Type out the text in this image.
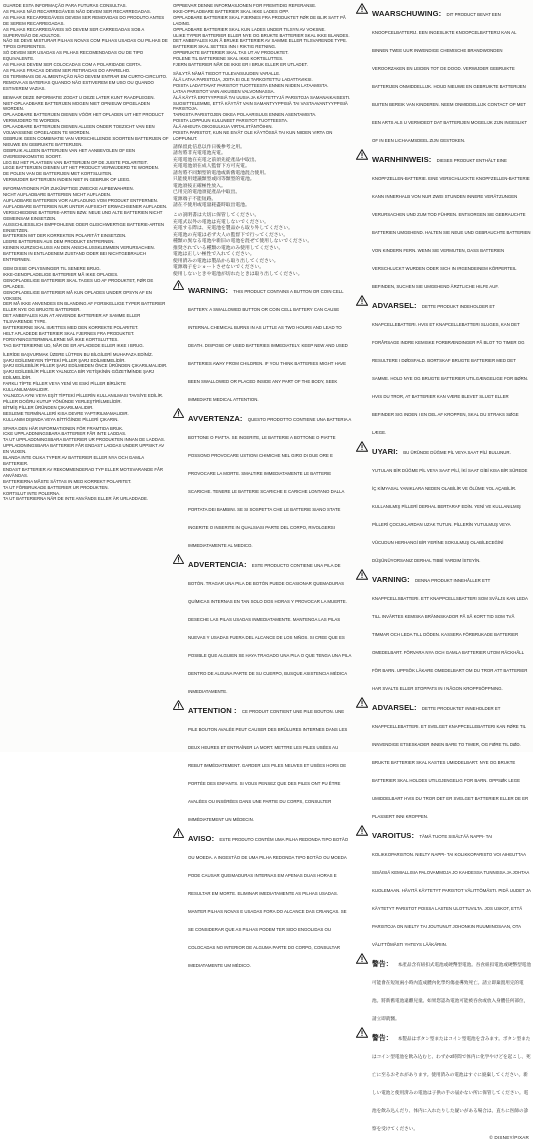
GUARDE ESTA INFORMAÇÃO PARA FUTURAS CONSULTAS.
AS PILHAS NÃO RECARREGÁVEIS NÃO DEVEM SER RECARREGADAS.
AS PILHAS RECARREGÁVEIS DEVEM SER REMOVIDAS DO PRODUTO ANTES DE SEREM RECARREGADAS.
AS PILHAS RECARREGÁVEIS SÓ DEVEM SER CARREGADAS SOB A SUPERVISÃO DE ADULTOS.
NÃO SE DEVE MISTURAR PILHAS NOVAS COM PILHAS USADAS OU PILHAS DE TIPOS DIFERENTES.
SÓ DEVEM SER USADAS AS PILHAS RECOMENDADAS OU DE TIPO EQUIVALENTE.
AS PILHAS DEVEM SER COLOCADAS COM A POLARIDADE CERTA.
AS PILHAS FRACAS DEVEM SER RETIRADAS DO APARELHO.
OS TERMINAIS DE ALIMENTAÇÃO NÃO DEVEM ENTRAR EM CURTO-CIRCUITO.
REMOVA AS BATERIAS QUANDO NÃO ESTIVEREM EM USO OU QUANDO ESTIVEREM VAZIAS.
BEWAAR DEZE INFORMATIE ZODAT U DEZE LATER KUNT RAADPLEGEN.
NIET-OPLAADBARE BATTERIJEN MOGEN NIET OPNIEUW OPGELADEN WORDEN.
OPLAADBARE BATTERIJEN DIENEN VÓÓR HET OPLADEN UIT HET PRODUCT VERWIJDERD TE WORDEN.
OPLAADBARE BATTERIJEN DIENEN ALLEEN ONDER TOEZICHT VAN EEN VOLWASSENE OPGELADEN TE WORDEN.
GEBRUIK GEEN COMBINATIE VAN VERSCHILLENDE SOORTEN BATTERIJEN OF NIEUWE EN GEBRUIKTE BATTERIJEN.
GEBRUIK ALLEEN BATTERIJEN VAN HET AANBEVOLEN OF EEN OVEREENKOMSTIG SOORT.
LEG BIJ HET PLAATSEN VAN BATTERIJEN OP DE JUISTE POLARITEIT.
LEGE BATTERIJEN DIENEN UIT HET PRODUCT VERWIJDERD TE WORDEN.
DE POLEN VAN DE BATTERIJEN MET KORTSLUITEN.
VERWIJDER BATTERIJEN INDIEN NIET IN GEBRUIK OF LEEG.
INFORMATIONEN FÜR ZUKÜNFTIGE ZWECKE AUFBEWAHREN.
NICHT AUFLADBARE BATTERIEN NICHT AUFLADEN.
AUFLADBARE BATTERIEN VOR AUFLADUNG VOM PRODUKT ENTFERNEN.
AUFLADBARE BATTERIEN NUR UNTER AUFSICHT ERWACHSENER AUFLADEN.
VERSCHIEDENE BATTERIE-ARTEN BZW. NEUE UND ALTE BATTERIEN NICHT GEMEINSAM EINSETZEN.
AUSSCHLIESSLICH EMPFOHLENE ODER GLEICHWERTIGE BATTERIE-ARTEN EINSETZEN.
BATTERIEN MIT DER KORREKTEN POLARITÄT EINSETZEN.
LEERE BATTERIEN AUS DEM PRODUKT ENTFERNEN.
KEINEN KURZSCHLUSS AN DEN ANSCHLUSSKLEMMEN VERURSACHEN.
BATTERIEN IN ENTLADENEM ZUSTAND ODER BEI NICHTGEBRAUCH ENTFERNEN.
GEM DISSE OPLYSNINGER TIL SENERE BRUG.
IKKE-GENOPLADELIGE BATTERIER MÅ IKKE OPLADES.
GENOPLADELIGE BATTERIER SKAL TAGES UD AF PRODUKTET, FØR DE OPLADES.
GENOPLADELIGE BATTERIER MÅ KUN OPLADES UNDER OPSYN AF EN VOKSEN.
DER MÅ IKKE ANVENDES EN BLANDING AF FORSKELLIGE TYPER BATTERIER ELLER NYE OG BRUGTE BATTERIER.
DET ANBEFALES KUN AT ANVENDE BATTERIER AF SAMME ELLER TILSVARENDE TYPE.
BATTERIERNE SKAL ISÆTTES MED DEN KORREKTE POLARITET.
HELT AFLADEDE BATTERIER SKAL FJERNES FRA PRODUKTET.
FORSYNINGSTERMINALERNE MÅ IKKE KORTSLUTTES.
TAG BATTERIERNE UD, NÅR DE ER AFLADEDE ELLER IKKE I BRUG.
İLERİDE BAŞVURMAK ÜZERE LÜTFEN BU BİLGİLERİ MUHAFAZA EDİNİZ.
ŞARJ EDİLEMEYEN TİPTEKİ PİLLER ŞARJ EDİLMEMELİDİR.
ŞARJ EDİLEBİLİR PİLLER ŞARJ EDİLMEDEN ÖNCE ÜRÜNDEN ÇIKARILMALIDIR.
ŞARJ EDİLEBİLİR PİLLER YALNIZCA BİR YETİŞKİNİN GÖZETİMİNDE ŞARJ EDİLMELİDİR.
FARKLI TİPTE PİLLER VEYA YENİ VE ESKİ PİLLER BİRLİKTE KULLANILMAMALIDIR.
YALNIZCA AYNI VEYA EŞİT TİPTEKİ PİLLERİN KULLANILMASI TAVSİYE EDİLİR.
PİLLER DOĞRU KUTUP YÖNÜNDE YERLEŞTİRİLMELİDİR.
BİTMİŞ PİLLER ÜRÜNDEN ÇIKARILMALIDIR.
BESLEME TERMİNALLERİ KISA DEVRE YAPTIRILMAMALIDIR.
KULLANIM DIŞINDA VEYA BİTTİĞİNDE PİLLERİ ÇIKARIN.
SPARA DEN HÄR INFORMATIONEN FÖR FRAMTIDA BRUK.
ICKE UPPLADDNINGSBARA BATTERIER FÅR INTE LADDAS.
TA UT UPPLADDNINGSBARA BATTERIER UR PRODUKTEN INNAN DE LADDAS.
UPPLADDNINGSBARA BATTERIER FÅR ENDAST LADDAS UNDER UPPSIKT AV EN VUXEN.
BLANDA INTE OLIKA TYPER AV BATTERIER ELLER NYA OCH GAMLA BATTERIER.
ENDAST BATTERIER AV REKOMMENDERAD TYP ELLER MOTSVARANDE FÅR ANVÄNDAS.
BATTERIERNA MÅSTE SÄTTAS IN MED KORREKT POLARITET.
TA UT FÖRBRUKADE BATTERIER UR PRODUKTEN.
KORTSLUT INTE POLERNA.
TA UT BATTERIERNA NÄR DE INTE ANVÄNDS ELLER ÄR URLADDADE.
OPPBEVAR DENNE INFORMASJONEN FOR FREMTIDIG REFERANSE.
IKKE-OPPLADBARE BATTERIER SKAL IKKE LADES OPP.
OPPLADBARE BATTERIER SKAL FJERNES FRA PRODUKTET FØR DE BLIR SATT PÅ LADING.
OPPLADBARE BATTERIER SKAL KUN LADES UNDER TILSYN AV VOKSNE.
ULIKE TYPER BATTERIER ELLER NYE OG BRUKTE BATTERIER SKAL IKKE BLANDES.
DET ANBEFALES KUN Å BRUKE BATTERIER AV SAMME ELLER TILSVARENDE TYPE.
BATTERIER SKAL SETTES INN I RIKTIG RETNING.
OPPBRUKTE BATTERIER SKAL TAS UT AV PRODUKTET.
POLENE TIL BATTERIENE SKAL IKKE KORTSLUTTES.
FJERN BATTERIER NÅR DE IKKE ER I BRUK ELLER ER UTLADET.
SÄILYTÄ NÄMÄ TIEDOT TULEVAISUUDEN VARALLE.
ÄLÄ LATAA PARISTOJA, JOITA EI OLE TARKOITETTU LADATTAVIKSI.
POISTA LADATTAVAT PARISTOT TUOTTEESTA ENNEN NIIDEN LATAAMISTA.
LATAA PARISTOT VAIN AIKUISEN VALVONNASSA.
ÄLÄ KÄYTÄ ERITYYPPISIÄ TAI UUSIA JA KÄYTETTYJÄ PARISTOJA SAMANAIKAISESTI.
SUOSITTELEMME, ETTÄ KÄYTÄT VAIN SAMANTYYPPISIÄ TAI VASTAAVANTYYPPISIÄ PARISTOJA.
TARKISTA PARISTOJEN OIKEA POLAARISUUS ENNEN ASENTAMISTA.
POISTA LOPPUUN KULUNEET PARISTOT TUOTTEESTA.
ÄLÄ AIHEUTA OIKOSULKUA VIRTALIITÄNTÖIHIN.
POISTA PARISTOT, KUN NE EIVÄT OLE KÄYTÖSSÄ TAI KUN NIIDEN VIRTA ON LOPPUNUT.
請保留此信息以作日後參考之用。
請勿將非充電電池充電。
充電電池在充電之前須先從產品中取出。
充電電池須在成人監督下方可充電。
請勿將不同類型的電池或新舊電池混合使用。
只能使用建議類型或同等類型的電池。
電池須按正確極性放入。
已用完的電池須從產品中取出。
電源端子不能短路。
請在不使用或電量耗盡時取出電池。
この説明書は大切に保管してください。
充電式以外の電池は充電しないでください。
充電する際は、充電池を製品から取り外してください。
充電池の充電は必ず大人の監督下で行ってください。
種類の異なる電池や新旧の電池を混ぜて使用しないでください。
推奨されている種類の電池のみ使用してください。
電池は正しい極性で入れてください。
使用済みの電池は製品から取り出してください。
電源端子をショートさせないでください。
使用しないときや電池が切れたときは取り出してください。
WARNING: THIS PRODUCT CONTAINS A BUTTON OR COIN CELL BATTERY. A SWALLOWED BUTTON OR COIN CELL BATTERY CAN CAUSE INTERNAL CHEMICAL BURNS IN AS LITTLE AS TWO HOURS AND LEAD TO DEATH. DISPOSE OF USED BATTERIES IMMEDIATELY. KEEP NEW AND USED BATTERIES AWAY FROM CHILDREN. IF YOU THINK BATTERIES MIGHT HAVE BEEN SWALLOWED OR PLACED INSIDE ANY PART OF THE BODY, SEEK IMMEDIATE MEDICAL ATTENTION.
AVVERTENZA: QUESTO PRODOTTO CONTIENE UNA BATTERIA A BOTTONE O PIATTA. SE INGERITE, LE BATTERIE A BOTTONE O PIATTE POSSONO PROVOCARE USTIONI CHIMICHE NEL GIRO DI DUE ORE E PROVOCARE LA MORTE. SMALTIRE IMMEDIATAMENTE LE BATTERIE SCARICHE. TENERE LE BATTERIE SCARICHE E CARICHE LONTANO DALLA PORTATA DEI BAMBINI. SE SI SOSPETTA CHE LE BATTERIE SIANO STATE INGERITE O INSERITE IN QUALSIASI PARTE DEL CORPO, RIVOLGERSI IMMEDIATAMENTE AL MEDICO.
ADVERTENCIA: ESTE PRODUCTO CONTIENE UNA PILA DE BOTÓN. TRAGAR UNA PILA DE BOTÓN PUEDE OCASIONAR QUEMADURAS QUÍMICAS INTERNAS EN TAN SOLO DOS HORAS Y PROVOCAR LA MUERTE. DESECHE LAS PILAS USADAS INMEDIATAMENTE. MANTENGA LAS PILAS NUEVAS Y USADAS FUERA DEL ALCANCE DE LOS NIÑOS. SI CREE QUE ES POSIBLE QUE ALGUIEN SE HAYA TRAGADO UNA PILA O QUE TENGA UNA PILA DENTRO DE ALGUNA PARTE DE SU CUERPO, BUSQUE ASISTENCIA MÉDICA INMEDIATAMENTE.
ATTENTION : CE PRODUIT CONTIENT UNE PILE BOUTON. UNE PILE BOUTON AVALÉE PEUT CAUSER DES BRÛLURES INTERNES DANS LES DEUX HEURES ET ENTRAÎNER LA MORT. METTRE LES PILES USÉES AU REBUT IMMÉDIATEMENT. GARDER LES PILES NEUVES ET USÉES HORS DE PORTÉE DES ENFANTS. SI VOUS PENSEZ QUE DES PILES ONT PU ÊTRE AVALÉES OU INSÉRÉES DANS UNE PARTIE DU CORPS, CONSULTER IMMÉDIATEMENT UN MÉDECIN.
AVISO: ESTE PRODUTO CONTÉM UMA PILHA REDONDA TIPO BOTÃO OU MOEDA. A INGESTÃO DE UMA PILHA REDONDA TIPO BOTÃO OU MOEDA PODE CAUSAR QUEIMADURAS INTERNAS EM APENAS DUAS HORAS E RESULTAR EM MORTE. ELIMINAR IMEDIATAMENTE AS PILHAS USADAS. MANTER PILHAS NOVAS E USADAS FORA DO ALCANCE DAS CRIANÇAS. SE SE CONSIDERAR QUE AS PILHAS PODEM TER SIDO ENGOLIDAS OU COLOCADAS NO INTERIOR DE ALGUMA PARTE DO CORPO, CONSULTAR IMEDIATAMENTE UM MÉDICO.
WAARSCHUWING: DIT PRODUCT BEVAT EEN KNOOPCELBATTERIJ. EEN INGESLIKTE KNOOPCELBATTERIJ KAN AL BINNEN TWEE UUR INWENDIGE CHEMISCHE BRANDWONDEN VEROORZAKEN EN LEIDEN TOT DE DOOD. VERWIJDER GEBRUIKTE BATTERIJEN ONMIDDELLIJK. HOUD NIEUWE EN GEBRUIKTE BATTERIJEN BUITEN BEREIK VAN KINDEREN. NEEM ONMIDDELLIJK CONTACT OP MET EEN ARTS ALS U VERMOEDT DAT BATTERIJEN MOGELIJK ZIJN INGESLIKT OF IN EEN LICHAAMSDEEL ZIJN GESTOKEN.
WARNHINWEIS: DIESES PRODUKT ENTHÄLT EINE KNOPFZELLEN-BATTERIE. EINE VERSCHLUCKTE KNOPFZELLEN-BATTERIE KANN INNERHALB VON NUR ZWEI STUNDEN INNERE VERÄTZUNGEN VERURSACHEN UND ZUM TOD FÜHREN. ENTSORGEN SIE GEBRAUCHTE BATTERIEN UMGEHEND. HALTEN SIE NEUE UND GEBRAUCHTE BATTERIEN VON KINDERN FERN. WENN SIE VERMUTEN, DASS BATTERIEN VERSCHLUCKT WURDEN ODER SICH IN IRGENDEINEM KÖRPERTEIL BEFINDEN, SUCHEN SIE UMGEHEND ÄRZTLICHE HILFE AUF.
ADVARSEL: DETTE PRODUKT INDEHOLDER ET KNAPCELLEBATTERI. HVIS ET KNAPCELLEBATTERI SLUGES, KAN DET FORÅRSAGE INDRE KEMISKE FORBRÆNDINGER PÅ BLOT TO TIMER OG RESULTERE I DØDSFALD. BORTSKAF BRUGTE BATTERIER MED DET SAMME. HOLD NYE OG BRUGTE BATTERIER UTILGÆNGELIGE FOR BØRN. HVIS DU TROR, AT BATTERIER KAN VÆRE BLEVET SLUGT ELLER BEFINDER SIG INDEN I EN DEL AF KROPPEN, SKAL DU STRAKS SØGE LÆGE.
UYARI: BU ÜRÜNDE DÜĞME PİL VEYA SAAT PİLİ BULUNUR. YUTULAN BİR DÜĞME PİL VEYA SAAT PİLİ, İKİ SAAT GİBİ KISA BİR SÜREDE İÇ KİMYASAL YANIKLARA NEDEN OLABİLİR VE ÖLÜME YOL AÇABİLİR. KULLANILMIŞ PİLLERİ DERHAL BERTARAF EDİN. YENİ VE KULLANILMIŞ PİLLERİ ÇOCUKLARDAN UZAK TUTUN. PİLLERİN YUTULMUŞ VEYA VÜCUDUN HERHANGİ BİR YERİNE SOKULMUŞ OLABİLECEĞİNİ DÜŞÜNÜYORSANIZ DERHAL TIBBİ YARDIM İSTEYİN.
VARNING: DENNA PRODUKT INNEHÅLLER ETT KNAPPCELLSBATTERI. ETT KNAPPCELLSBATTERI SOM SVÄLJS KAN LEDA TILL INVÄRTES KEMISKA BRÄNNSKADOR PÅ SÅ KORT TID SOM TVÅ TIMMAR OCH LEDA TILL DÖDEN. KASSERA FÖRBRUKADE BATTERIER OMEDELBART. FÖRVARA NYA OCH GAMLA BATTERIER UTOM RÄCKHÅLL FÖR BARN. UPPSÖK LÄKARE OMEDELBART OM DU TROR ATT BATTERIER HAR SVALTS ELLER STOPPATS IN I NÅGON KROPPSÖPPNING.
ADVARSEL: DETTE PRODUKTET INNEHOLDER ET KNAPPCELLEBATTERI. ET SVELGET KNAPPCELLEBATTERI KAN FØRE TIL INNVENDIGE ETSESKADER INNEN BARE TO TIMER, OG FØRE TIL DØD. BRUKTE BATTERIER SKAL KASTES UMIDDELBART. NYE OG BRUKTE BATTERIER SKAL HOLDES UTILGJENGELIG FOR BARN. OPPSØK LEGE UMIDDELBART HVIS DU TROR DET ER SVELGET BATTERIER ELLER DE ER PLASSERT INNI KROPPEN.
VAROITUS: TÄMÄ TUOTE SISÄLTÄÄ NAPPI- TAI KOLIKKOPARISTON. NIELTY NAPPI- TAI KOLIKKOPARISTO VOI AIHEUTTAA SISÄISIÄ KEMIALLISIA PALOVAMMOJA JO KAHDESSA TUNNISSA JA JOHTAA KUOLEMAAN. HÄVITÄ KÄYTETYT PARISTOT VÄLITTÖMÄSTI. PIDÄ UUDET JA KÄYTETYT PARISTOT POISSA LASTEN ULOTTUVILTA. JOS USKOT, ETTÄ PARISTOJA ON NIELTY TAI JOUTUNUT JOHONKIN RUUMIINOSAAN, OTA VÄLITTÖMÄSTI YHTEYS LÄÄKÄRIIN.
警告： 本產品含有紐扣式電池或硬幣型電池。吞食紐扣電池或硬幣型電池可能會在短短兩小時內造成體內化學灼傷並導致死亡。請立即棄置用完的電池。將新舊電池遠離兒童。如果您認為電池可能被吞食或放入身體任何部位，請立即就醫。
警告： 本製品はボタン型またはコイン型電池を含みます。ボタン型またはコイン型電池を飲み込むと、わずか2時間で体内に化学やけどを起こし、死亡に至るおそれがあります。使用済みの電池はすぐに廃棄してください。新しい電池と使用済みの電池は子供の手の届かない所に保管してください。電池を飲み込んだり、体内に入れたりした疑いがある場合は、直ちに医師の診察を受けてください。
© DISNEY/PIXAR
